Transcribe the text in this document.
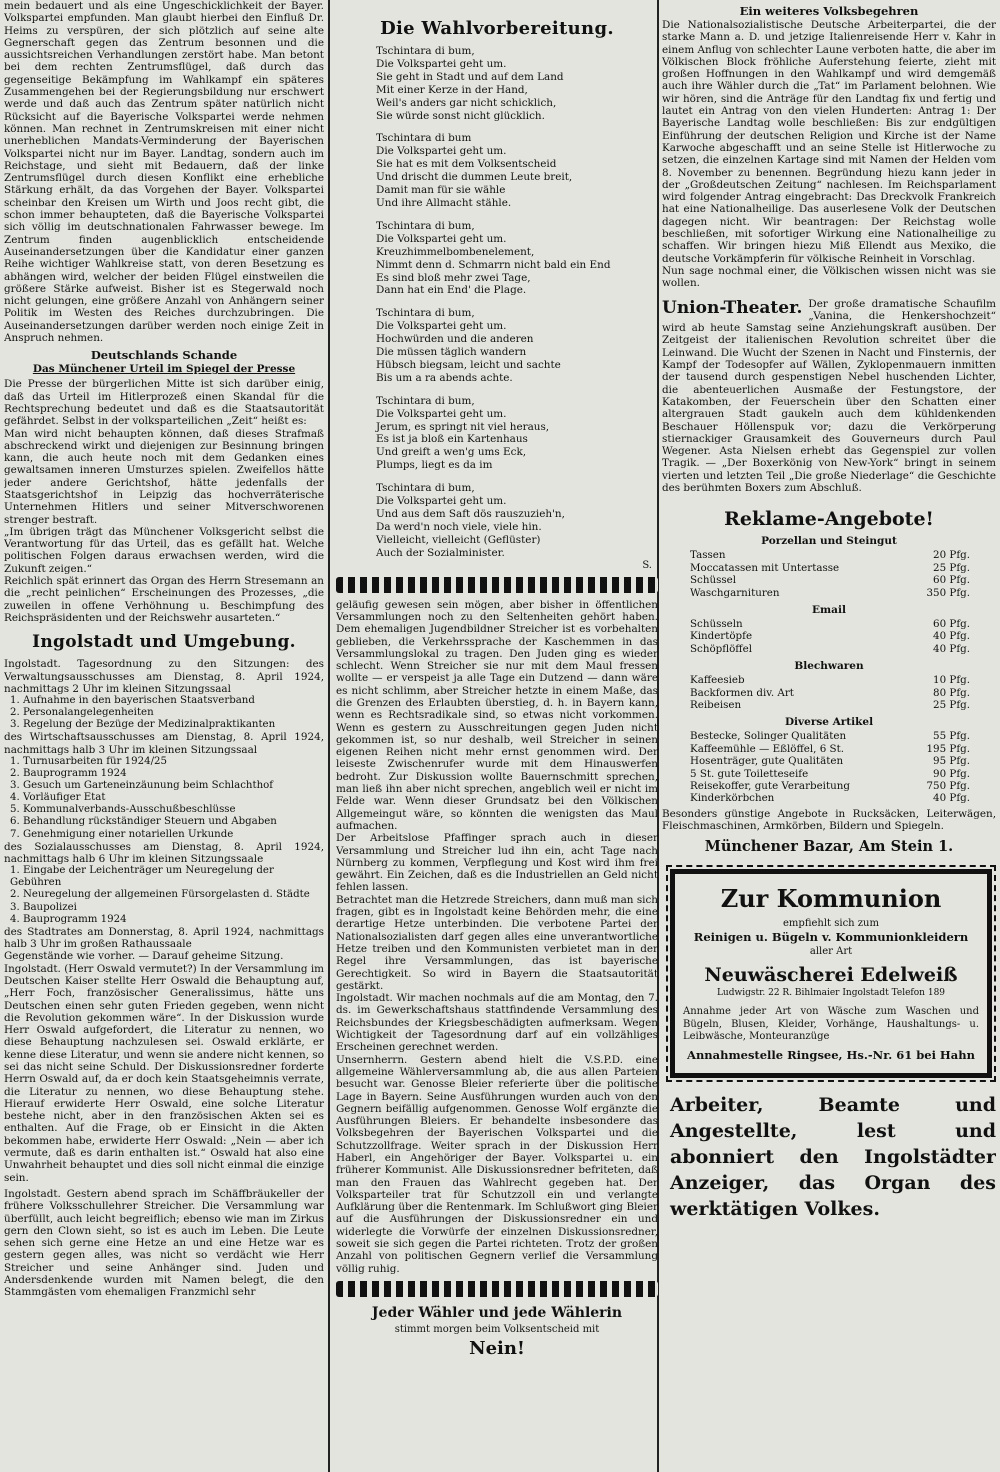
mein bedauert und als eine Ungeschicklichkeit der Bayer. Volkspartei empfunden. Man glaubt hierbei den Einfluß Dr. Heims zu verspüren, der sich plötzlich auf seine alte Gegnerschaft gegen das Zentrum besonnen und die aussichtsreichen Verhandlungen zerstört habe. Man betont bei dem rechten Zentrumsflügel, daß durch das gegenseitige Bekämpfung im Wahlkampf ein späteres Zusammengehen bei der Regierungsbildung nur erschwert werde und daß auch das Zentrum später natürlich nicht Rücksicht auf die Bayerische Volkspartei werde nehmen können. Man rechnet in Zentrumskreisen mit einer nicht unerheblichen Mandats-Verminderung der Bayerischen Volkspartei nicht nur im Bayer. Landtag, sondern auch im Reichstage, und sieht mit Bedauern, daß der linke Zentrumsflügel durch diesen Konflikt eine erhebliche Stärkung erhält, da das Vorgehen der Bayer. Volkspartei scheinbar den Kreisen um Wirth und Joos recht gibt, die schon immer behaupteten, daß die Bayerische Volkspartei sich völlig im deutschnationalen Fahrwasser bewege. Im Zentrum finden augenblicklich entscheidende Auseinandersetzungen über die Kandidatur einer ganzen Reihe wichtiger Wahlkreise statt, von deren Besetzung es abhängen wird, welcher der beiden Flügel einstweilen die größere Stärke aufweist. Bisher ist es Stegerwald noch nicht gelungen, eine größere Anzahl von Anhängern seiner Politik im Westen des Reiches durchzubringen. Die Auseinandersetzungen darüber werden noch einige Zeit in Anspruch nehmen.

Deutschlands Schande
Das Münchener Urteil im Spiegel der Presse

Die Presse der bürgerlichen Mitte ist sich darüber einig, daß das Urteil im Hitlerprozeß einen Skandal für die Rechtsprechung bedeutet und daß es die Staatsautorität gefährdet. Selbst in der volksparteilichen „Zeit“ heißt es:

Man wird nicht behaupten können, daß dieses Strafmaß abschreckend wirkt und diejenigen zur Besinnung bringen kann, die auch heute noch mit dem Gedanken eines gewaltsamen inneren Umsturzes spielen. Zweifellos hätte jeder andere Gerichtshof, hätte jedenfalls der Staatsgerichtshof in Leipzig das hochverräterische Unternehmen Hitlers und seiner Mitverschworenen strenger bestraft.

„Im übrigen trägt das Münchener Volksgericht selbst die Verantwortung für das Urteil, das es gefällt hat. Welche politischen Folgen daraus erwachsen werden, wird die Zukunft zeigen.“

Reichlich spät erinnert das Organ des Herrn Stresemann an die „recht peinlichen“ Erscheinungen des Prozesses, „die zuweilen in offene Verhöhnung u. Beschimpfung des Reichspräsidenten und der Reichswehr ausarteten.“

Ingolstadt und Umgebung.

Ingolstadt. Tagesordnung zu den Sitzungen: des Verwaltungsausschusses am Dienstag, 8. April 1924, nachmittags 2 Uhr im kleinen Sitzungssaal

1. Aufnahme in den bayerischen Staatsverband
2. Personalangelegenheiten
3. Regelung der Bezüge der Medizinalpraktikanten

des Wirtschaftsausschusses am Dienstag, 8. April 1924, nachmittags halb 3 Uhr im kleinen Sitzungssaal

1. Turnusarbeiten für 1924/25
2. Bauprogramm 1924
3. Gesuch um Garteneinzäunung beim Schlachthof
4. Vorläufiger Etat
5. Kommunalverbands-Ausschußbeschlüsse
6. Behandlung rückständiger Steuern und Abgaben
7. Genehmigung einer notariellen Urkunde

des Sozialausschusses am Dienstag, 8. April 1924, nachmittags halb 6 Uhr im kleinen Sitzungssaale

1. Eingabe der Leichenträger um Neuregelung der Gebühren
2. Neuregelung der allgemeinen Fürsorgelasten d. Städte
3. Baupolizei
4. Bauprogramm 1924

des Stadtrates am Donnerstag, 8. April 1924, nachmittags halb 3 Uhr im großen Rathaussaale

Gegenstände wie vorher. — Darauf geheime Sitzung.

Ingolstadt. (Herr Oswald vermutet?) In der Versammlung im Deutschen Kaiser stellte Herr Oswald die Behauptung auf, „Herr Foch, französischer Generalissimus, hätte uns Deutschen einen sehr guten Frieden gegeben, wenn nicht die Revolution gekommen wäre“. In der Diskussion wurde Herr Oswald aufgefordert, die Literatur zu nennen, wo diese Behauptung nachzulesen sei. Oswald erklärte, er kenne diese Literatur, und wenn sie andere nicht kennen, so sei das nicht seine Schuld. Der Diskussionsredner forderte Herrn Oswald auf, da er doch kein Staatsgeheimnis verrate, die Literatur zu nennen, wo diese Behauptung stehe. Hierauf erwiderte Herr Oswald, eine solche Literatur bestehe nicht, aber in den französischen Akten sei es enthalten. Auf die Frage, ob er Einsicht in die Akten bekommen habe, erwiderte Herr Oswald: „Nein — aber ich vermute, daß es darin enthalten ist.“ Oswald hat also eine Unwahrheit behauptet und dies soll nicht einmal die einzige sein.

Ingolstadt. Gestern abend sprach im Schäffbräukeller der frühere Volksschullehrer Streicher. Die Versammlung war überfüllt, auch leicht begreiflich; ebenso wie man im Zirkus gern den Clown sieht, so ist es auch im Leben. Die Leute sehen sich gerne eine Hetze an und eine Hetze war es gestern gegen alles, was nicht so verdächt wie Herr Streicher und seine Anhänger sind. Juden und Andersdenkende wurden mit Namen belegt, die den Stammgästen vom ehemaligen Franzmichl sehr

Die Wahlvorbereitung.
Tschintara di bum,
Die Volkspartei geht um.
Sie geht in Stadt und auf dem Land
Mit einer Kerze in der Hand,
Weil's anders gar nicht schicklich,
Sie würde sonst nicht glücklich.
Tschintara di bum
Die Volkspartei geht um.
Sie hat es mit dem Volksentscheid
Und drischt die dummen Leute breit,
Damit man für sie wähle
Und ihre Allmacht stähle.
Tschintara di bum,
Die Volkspartei geht um.
Kreuzhimmelbombenelement,
Nimmt denn d. Schmarrn nicht bald ein End
Es sind bloß mehr zwei Tage,
Dann hat ein End' die Plage.
Tschintara di bum,
Die Volkspartei geht um.
Hochwürden und die anderen
Die müssen täglich wandern
Hübsch biegsam, leicht und sachte
Bis um a ra abends achte.
Tschintara di bum,
Die Volkspartei geht um.
Jerum, es springt nit viel heraus,
Es ist ja bloß ein Kartenhaus
Und greift a wen'g ums Eck,
Plumps, liegt es da im
Tschintara di bum,
Die Volkspartei geht um.
Und aus dem Saft dös rauszuzieh'n,
Da werd'n noch viele, viele hin.
Vielleicht, vielleicht (Geflüster)
Auch der Sozialminister.
S.

geläufig gewesen sein mögen, aber bisher in öffentlichen Versammlungen noch zu den Seltenheiten gehört haben. Dem ehemaligen Jugendbildner Streicher ist es vorbehalten geblieben, die Verkehrssprache der Kaschemmen in das Versammlungslokal zu tragen. Den Juden ging es wieder schlecht. Wenn Streicher sie nur mit dem Maul fressen wollte — er verspeist ja alle Tage ein Dutzend — dann wäre es nicht schlimm, aber Streicher hetzte in einem Maße, das die Grenzen des Erlaubten überstieg, d. h. in Bayern kann, wenn es Rechtsradikale sind, so etwas nicht vorkommen. Wenn es gestern zu Ausschreitungen gegen Juden nicht gekommen ist, so nur deshalb, weil Streicher in seinen eigenen Reihen nicht mehr ernst genommen wird. Der leiseste Zwischenrufer wurde mit dem Hinauswerfen bedroht. Zur Diskussion wollte Bauernschmitt sprechen, man ließ ihn aber nicht sprechen, angeblich weil er nicht im Felde war. Wenn dieser Grundsatz bei den Völkischen Allgemeingut wäre, so könnten die wenigsten das Maul aufmachen.

Der Arbeitslose Pfaffinger sprach auch in dieser Versammlung und Streicher lud ihn ein, acht Tage nach Nürnberg zu kommen, Verpflegung und Kost wird ihm frei gewährt. Ein Zeichen, daß es die Industriellen an Geld nicht fehlen lassen.

Betrachtet man die Hetzrede Streichers, dann muß man sich fragen, gibt es in Ingolstadt keine Behörden mehr, die eine derartige Hetze unterbinden. Die verbotene Partei der Nationalsozialisten darf gegen alles eine unverantwortliche Hetze treiben und den Kommunisten verbietet man in der Regel ihre Versammlungen, das ist bayerische Gerechtigkeit. So wird in Bayern die Staatsautorität gestärkt.

Ingolstadt. Wir machen nochmals auf die am Montag, den 7. ds. im Gewerkschaftshaus stattfindende Versammlung des Reichsbundes der Kriegsbeschädigten aufmerksam. Wegen Wichtigkeit der Tagesordnung darf auf ein vollzähliges Erscheinen gerechnet werden.

Unsernherrn. Gestern abend hielt die V.S.P.D. eine allgemeine Wählerversammlung ab, die aus allen Parteien besucht war. Genosse Bleier referierte über die politische Lage in Bayern. Seine Ausführungen wurden auch von den Gegnern beifällig aufgenommen. Genosse Wolf ergänzte die Ausführungen Bleiers. Er behandelte insbesondere das Volksbegehren der Bayerischen Volkspartei und die Schutzzollfrage. Weiter sprach in der Diskussion Herr Haberl, ein Angehöriger der Bayer. Volkspartei u. ein früherer Kommunist. Alle Diskussionsredner befriteten, daß man den Frauen das Wahlrecht gegeben hat. Der Volksparteiler trat für Schutzzoll ein und verlangte Aufklärung über die Rentenmark. Im Schlußwort ging Bleier auf die Ausführungen der Diskussionsredner ein und widerlegte die Vorwürfe der einzelnen Diskussionsredner, soweit sie sich gegen die Partei richteten. Trotz der großen Anzahl von politischen Gegnern verlief die Versammlung völlig ruhig.

Jeder Wähler und jede Wählerin
stimmt morgen beim Volksentscheid mit
Nein!
Ein weiteres Volksbegehren

Die Nationalsozialistische Deutsche Arbeiterpartei, die der starke Mann a. D. und jetzige Italienreisende Herr v. Kahr in einem Anflug von schlechter Laune verboten hatte, die aber im Völkischen Block fröhliche Auferstehung feierte, zieht mit großen Hoffnungen in den Wahlkampf und wird demgemäß auch ihre Wähler durch die „Tat“ im Parlament belohnen. Wie wir hören, sind die Anträge für den Landtag fix und fertig und lautet ein Antrag von den vielen Hunderten: Antrag 1: Der Bayerische Landtag wolle beschließen: Bis zur endgültigen Einführung der deutschen Religion und Kirche ist der Name Karwoche abgeschafft und an seine Stelle ist Hitlerwoche zu setzen, die einzelnen Kartage sind mit Namen der Helden vom 8. November zu benennen. Begründung hiezu kann jeder in der „Großdeutschen Zeitung“ nachlesen. Im Reichsparlament wird folgender Antrag eingebracht: Das Dreckvolk Frankreich hat eine Nationalheilige. Das auserlesene Volk der Deutschen dagegen nicht. Wir beantragen: Der Reichstag wolle beschließen, mit sofortiger Wirkung eine Nationalheilige zu schaffen. Wir bringen hiezu Miß Ellendt aus Mexiko, die deutsche Vorkämpferin für völkische Reinheit in Vorschlag.

Nun sage nochmal einer, die Völkischen wissen nicht was sie wollen.

Union-Theater. Der große dramatische Schaufilm „Vanina, die Henkershochzeit“ wird ab heute Samstag seine Anziehungskraft ausüben. Der Zeitgeist der italienischen Revolution schreitet über die Leinwand. Die Wucht der Szenen in Nacht und Finsternis, der Kampf der Todesopfer auf Wällen, Zyklopenmauern inmitten der tausend durch gespenstigen Nebel huschenden Lichter, die abenteuerlichen Ausmaße der Festungstore, der Katakomben, der Feuerschein über den Schatten einer altergrauen Stadt gaukeln auch dem kühldenkenden Beschauer Höllenspuk vor; dazu die Verkörperung stiernackiger Grausamkeit des Gouverneurs durch Paul Wegener. Asta Nielsen erhebt das Gegenspiel zur vollen Tragik. — „Der Boxerkönig von New-York“ bringt in seinem vierten und letzten Teil „Die große Niederlage“ die Geschichte des berühmten Boxers zum Abschluß.

Reklame-Angebote!
Porzellan und Steingut
Tassen	20 Pfg.
Moccatassen mit Untertasse	25 Pfg.
Schüssel	60 Pfg.
Waschgarnituren	350 Pfg.
Email
Schüsseln	60 Pfg.
Kindertöpfe	40 Pfg.
Schöpflöffel	40 Pfg.
Blechwaren
Kaffeesieb	10 Pfg.
Backformen div. Art	80 Pfg.
Reibeisen	25 Pfg.
Diverse Artikel
Bestecke, Solinger Qualitäten	55 Pfg.
Kaffeemühle — Eßlöffel, 6 St.	195 Pfg.
Hosenträger, gute Qualitäten	95 Pfg.
5 St. gute Toiletteseife	90 Pfg.
Reisekoffer, gute Verarbeitung	750 Pfg.
Kinderkörbchen	40 Pfg.

Besonders günstige Angebote in Rucksäcken, Leiterwägen, Fleischmaschinen, Armkörben, Bildern und Spiegeln.

Münchener Bazar, Am Stein 1.
Zur Kommunion
empfiehlt sich zum
Reinigen u. Bügeln v. Kommunionkleidern
aller Art
Neuwäscherei Edelweiß
Ludwigstr. 22 R. Bihlmaier Ingolstadt Telefon 189
Annahme jeder Art von Wäsche zum Waschen und Bügeln, Blusen, Kleider, Vorhänge, Haushaltungs- u. Leibwäsche, Monteuranzüge
Annahmestelle Ringsee, Hs.-Nr. 61 bei Hahn
Arbeiter, Beamte und Angestellte, lest und abonniert den Ingolstädter Anzeiger, das Organ des werktätigen Volkes.
